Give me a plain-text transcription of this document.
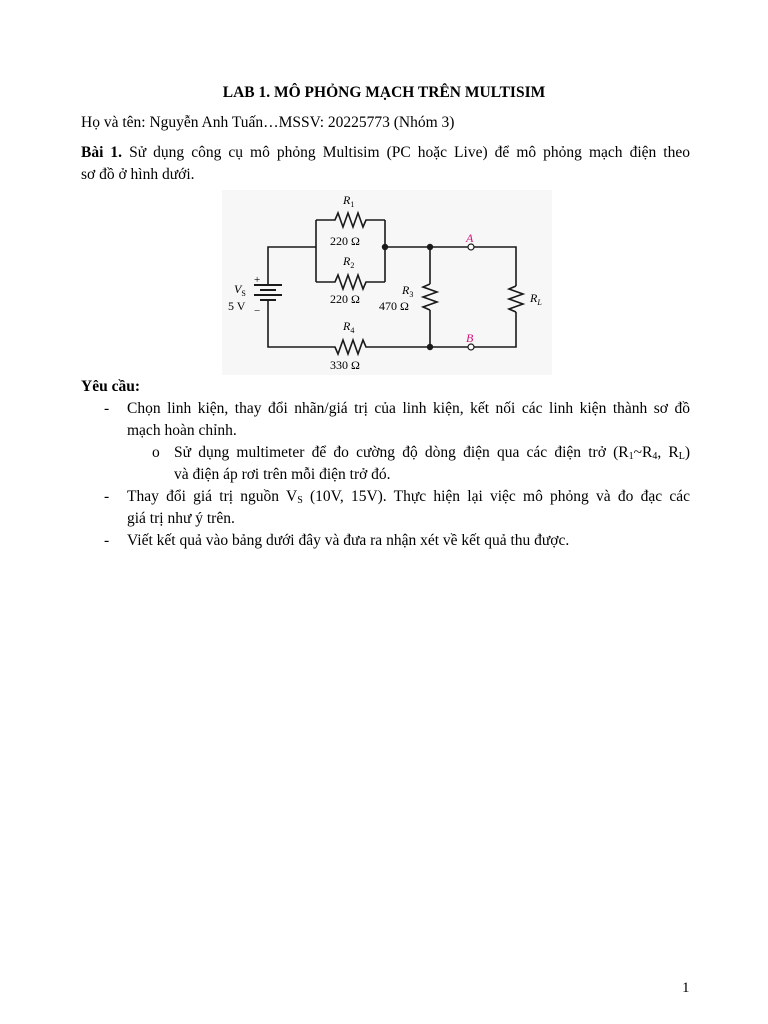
LAB 1. MÔ PHỎNG MẠCH TRÊN MULTISIM
Họ và tên: Nguyễn Anh Tuấn…MSSV: 20225773 (Nhóm 3)
Bài 1. Sử dụng công cụ mô phỏng Multisim (PC hoặc Live) để mô phỏng mạch điện theo
sơ đồ ở hình dưới.
$R_1$
220 Ω
$R_2$
220 Ω
$R_3$
470 Ω
$R_4$
330 Ω
$R_L$
$V_S$
5 V
+
−
A
B
Yêu cầu:
- Chọn linh kiện, thay đổi nhãn/giá trị của linh kiện, kết nối các linh kiện thành sơ đồ
mạch hoàn chỉnh.
o Sử dụng multimeter để đo cường độ dòng điện qua các điện trở ($R_1\sim R_4$, $R_L$)
và điện áp rơi trên mỗi điện trở đó.
- Thay đổi giá trị nguồn $V_S$ (10V, 15V). Thực hiện lại việc mô phỏng và đo đạc các
giá trị như ý trên.
- Viết kết quả vào bảng dưới đây và đưa ra nhận xét về kết quả thu được.
1
